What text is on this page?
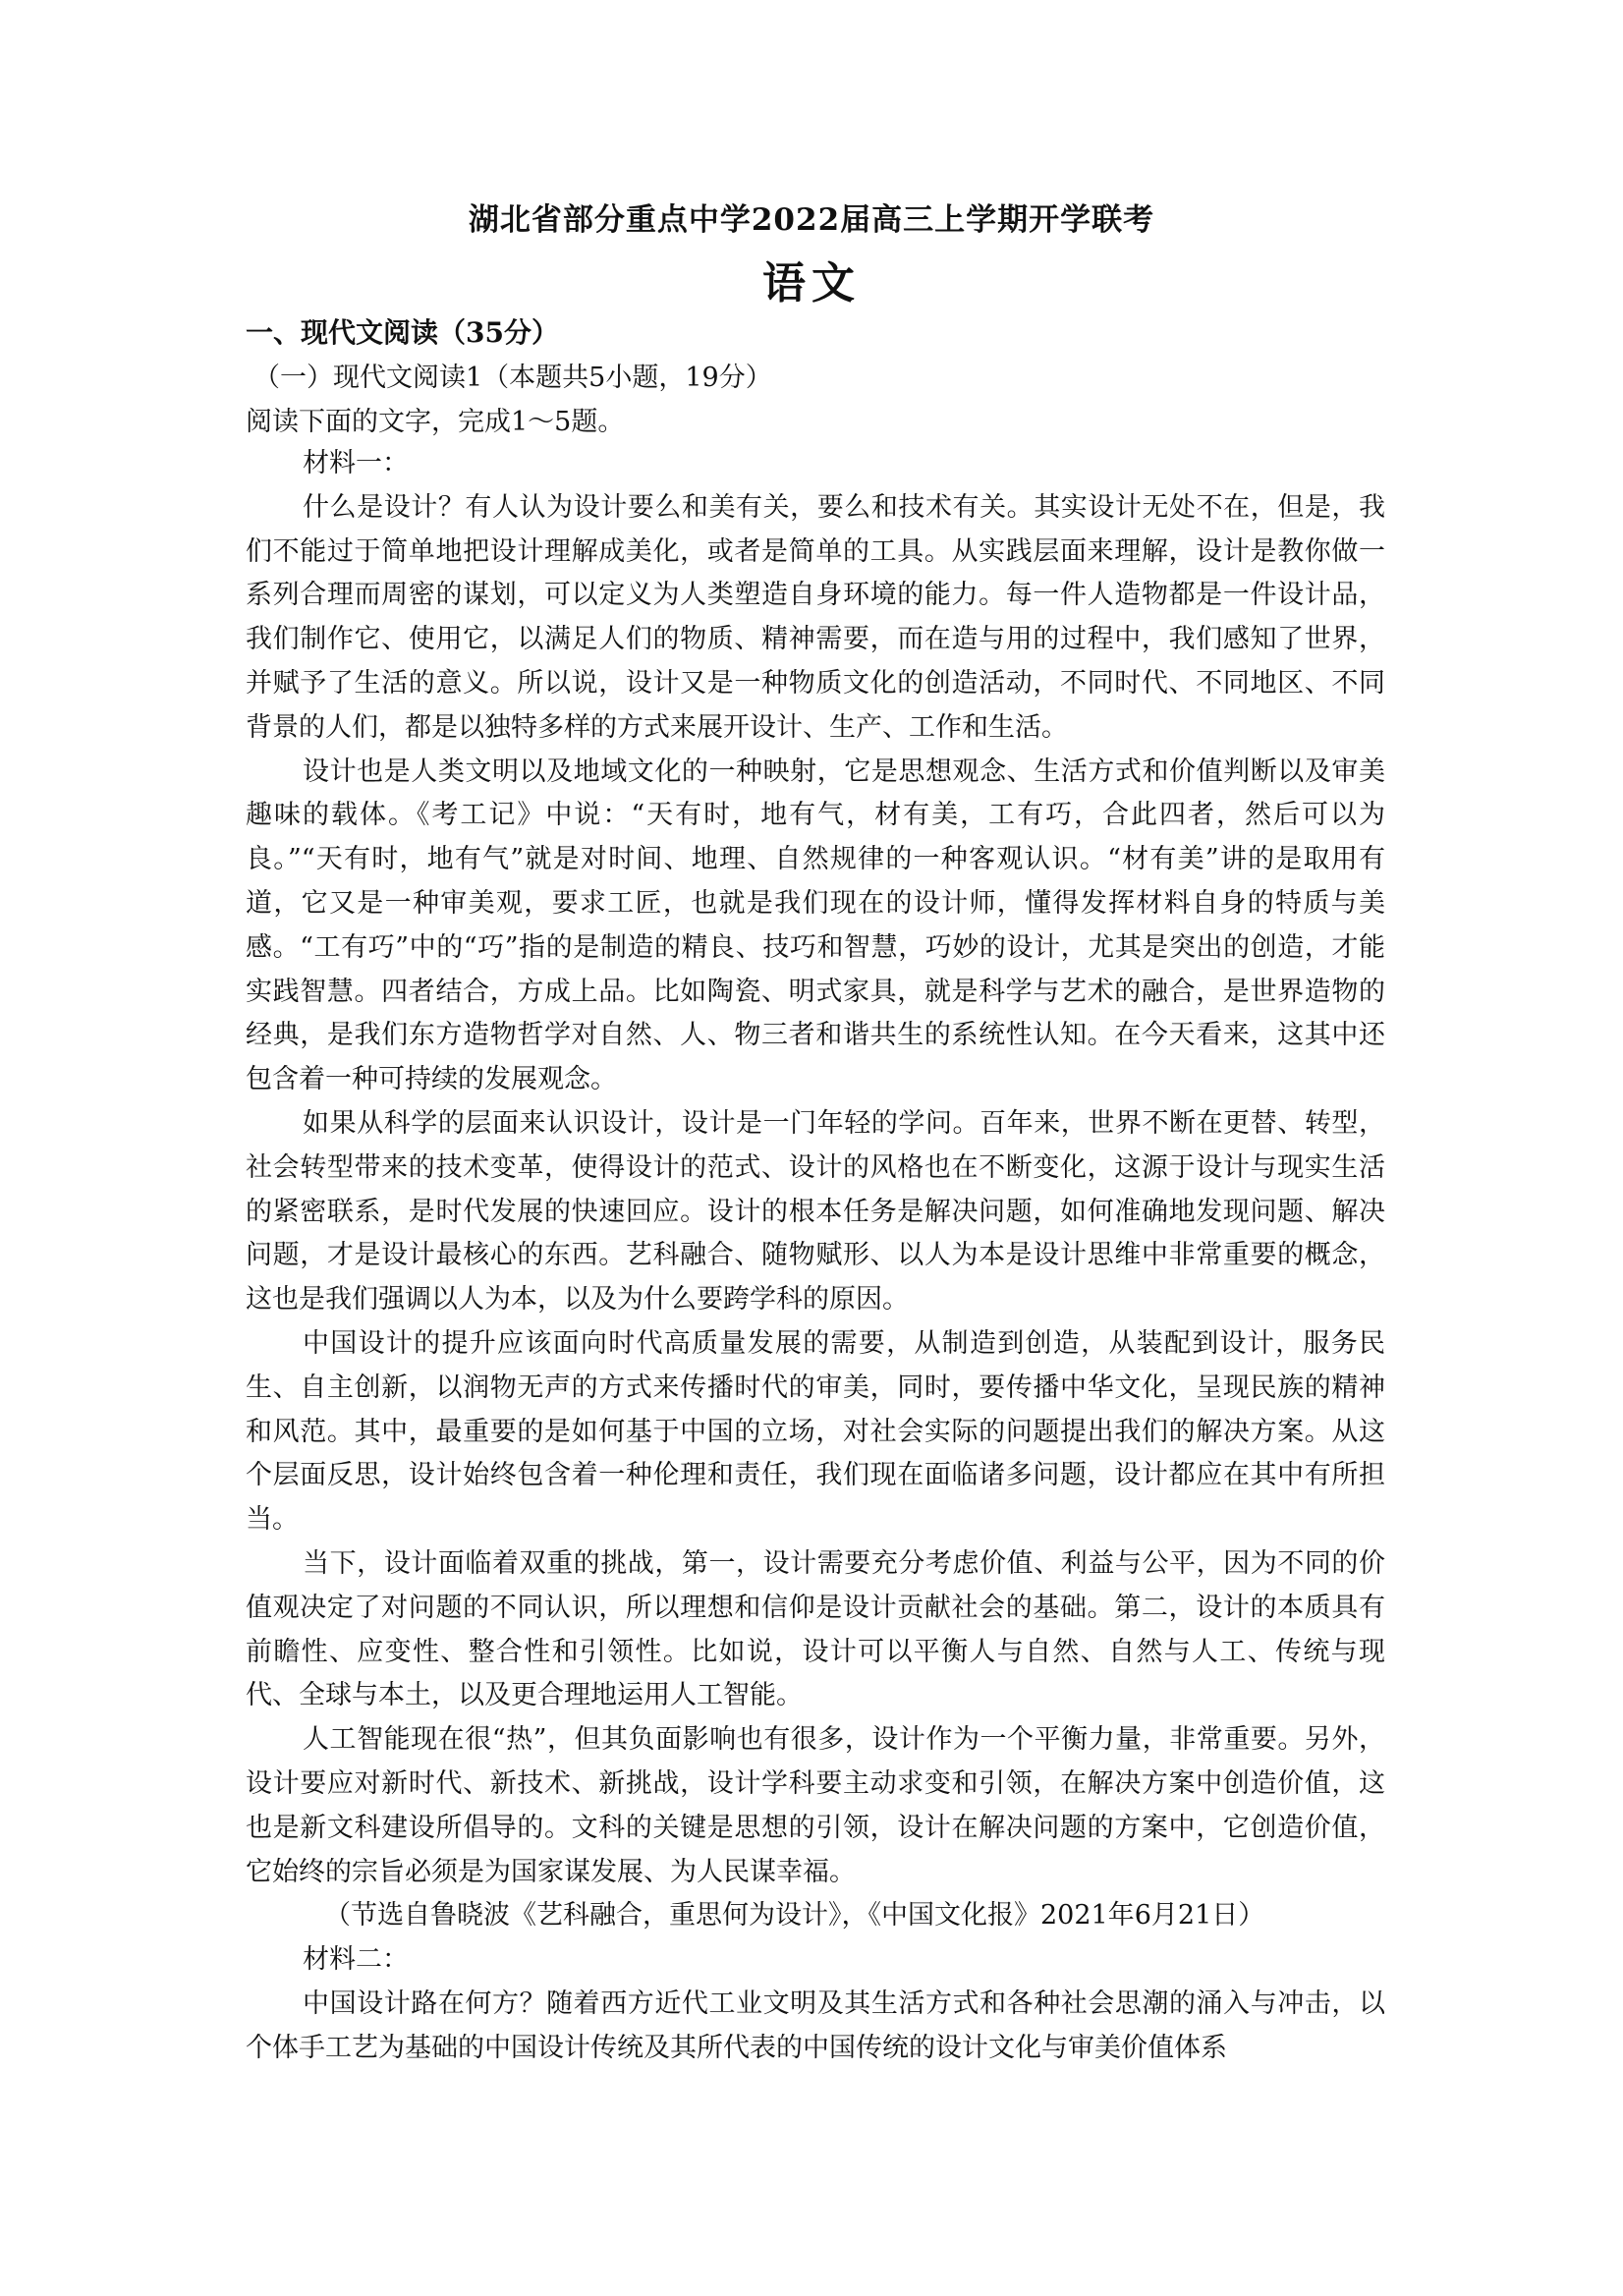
湖北省部分重点中学2022届高三上学期开学联考
语文
一、现代文阅读（35分）
（一）现代文阅读1（本题共5小题，19分）
阅读下面的文字，完成1～5题。

材料一：

什么是设计？有人认为设计要么和美有关，要么和技术有关。其实设计无处不在，但是，我们不能过于简单地把设计理解成美化，或者是简单的工具。从实践层面来理解，设计是教你做一系列合理而周密的谋划，可以定义为人类塑造自身环境的能力。每一件人造物都是一件设计品，我们制作它、使用它，以满足人们的物质、精神需要，而在造与用的过程中，我们感知了世界，并赋予了生活的意义。所以说，设计又是一种物质文化的创造活动，不同时代、不同地区、不同背景的人们，都是以独特多样的方式来展开设计、生产、工作和生活。

设计也是人类文明以及地域文化的一种映射，它是思想观念、生活方式和价值判断以及审美趣味的载体。《考工记》中说：“天有时，地有气，材有美，工有巧，合此四者，然后可以为良。”“天有时，地有气”就是对时间、地理、自然规律的一种客观认识。“材有美”讲的是取用有道，它又是一种审美观，要求工匠，也就是我们现在的设计师，懂得发挥材料自身的特质与美感。“工有巧”中的“巧”指的是制造的精良、技巧和智慧，巧妙的设计，尤其是突出的创造，才能实践智慧。四者结合，方成上品。比如陶瓷、明式家具，就是科学与艺术的融合，是世界造物的经典，是我们东方造物哲学对自然、人、物三者和谐共生的系统性认知。在今天看来，这其中还包含着一种可持续的发展观念。

如果从科学的层面来认识设计，设计是一门年轻的学问。百年来，世界不断在更替、转型，社会转型带来的技术变革，使得设计的范式、设计的风格也在不断变化，这源于设计与现实生活的紧密联系，是时代发展的快速回应。设计的根本任务是解决问题，如何准确地发现问题、解决问题，才是设计最核心的东西。艺科融合、随物赋形、以人为本是设计思维中非常重要的概念，这也是我们强调以人为本，以及为什么要跨学科的原因。

中国设计的提升应该面向时代高质量发展的需要，从制造到创造，从装配到设计，服务民生、自主创新，以润物无声的方式来传播时代的审美，同时，要传播中华文化，呈现民族的精神和风范。其中，最重要的是如何基于中国的立场，对社会实际的问题提出我们的解决方案。从这个层面反思，设计始终包含着一种伦理和责任，我们现在面临诸多问题，设计都应在其中有所担当。

当下，设计面临着双重的挑战，第一，设计需要充分考虑价值、利益与公平，因为不同的价值观决定了对问题的不同认识，所以理想和信仰是设计贡献社会的基础。第二，设计的本质具有前瞻性、应变性、整合性和引领性。比如说，设计可以平衡人与自然、自然与人工、传统与现代、全球与本土，以及更合理地运用人工智能。

人工智能现在很“热”，但其负面影响也有很多，设计作为一个平衡力量，非常重要。另外，设计要应对新时代、新技术、新挑战，设计学科要主动求变和引领，在解决方案中创造价值，这也是新文科建设所倡导的。文科的关键是思想的引领，设计在解决问题的方案中，它创造价值，它始终的宗旨必须是为国家谋发展、为人民谋幸福。

（节选自鲁晓波《艺科融合，重思何为设计》，《中国文化报》2021年6月21日）

材料二：

中国设计路在何方？随着西方近代工业文明及其生活方式和各种社会思潮的涌入与冲击，以个体手工艺为基础的中国设计传统及其所代表的中国传统的设计文化与审美价值体系
